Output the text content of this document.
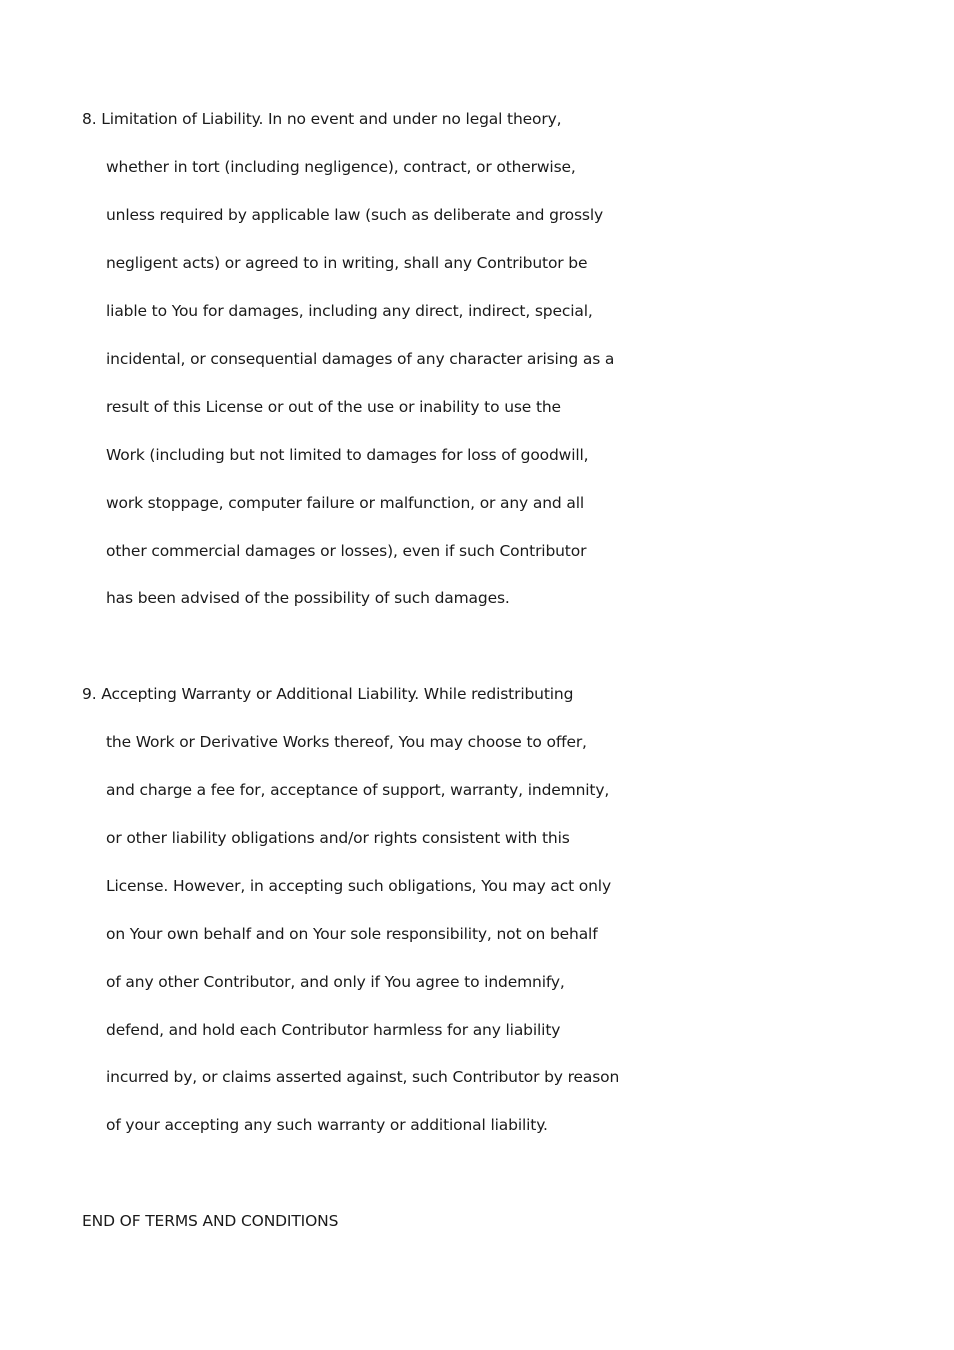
8. Limitation of Liability. In no event and under no legal theory,

whether in tort (including negligence), contract, or otherwise,

unless required by applicable law (such as deliberate and grossly

negligent acts) or agreed to in writing, shall any Contributor be

liable to You for damages, including any direct, indirect, special,

incidental, or consequential damages of any character arising as a

result of this License or out of the use or inability to use the

Work (including but not limited to damages for loss of goodwill,

work stoppage, computer failure or malfunction, or any and all

other commercial damages or losses), even if such Contributor

has been advised of the possibility of such damages.

9. Accepting Warranty or Additional Liability. While redistributing

the Work or Derivative Works thereof, You may choose to offer,

and charge a fee for, acceptance of support, warranty, indemnity,

or other liability obligations and/or rights consistent with this

License. However, in accepting such obligations, You may act only

on Your own behalf and on Your sole responsibility, not on behalf

of any other Contributor, and only if You agree to indemnify,

defend, and hold each Contributor harmless for any liability

incurred by, or claims asserted against, such Contributor by reason

of your accepting any such warranty or additional liability.

END OF TERMS AND CONDITIONS
